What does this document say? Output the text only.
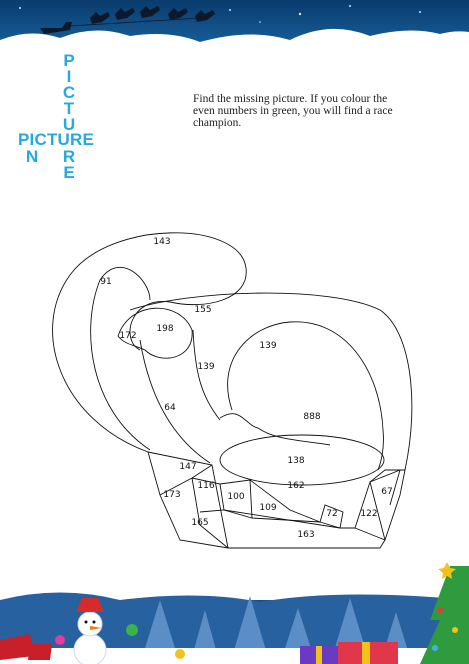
P
I
C
T
U
R
E
PICTURE
N
Find the missing picture. If you colour the even numbers in green, you will find a race champion.
143
91
155
172
198
139
139
64
888
138
147
116
173	100
162
109
72	122
67
165
163
